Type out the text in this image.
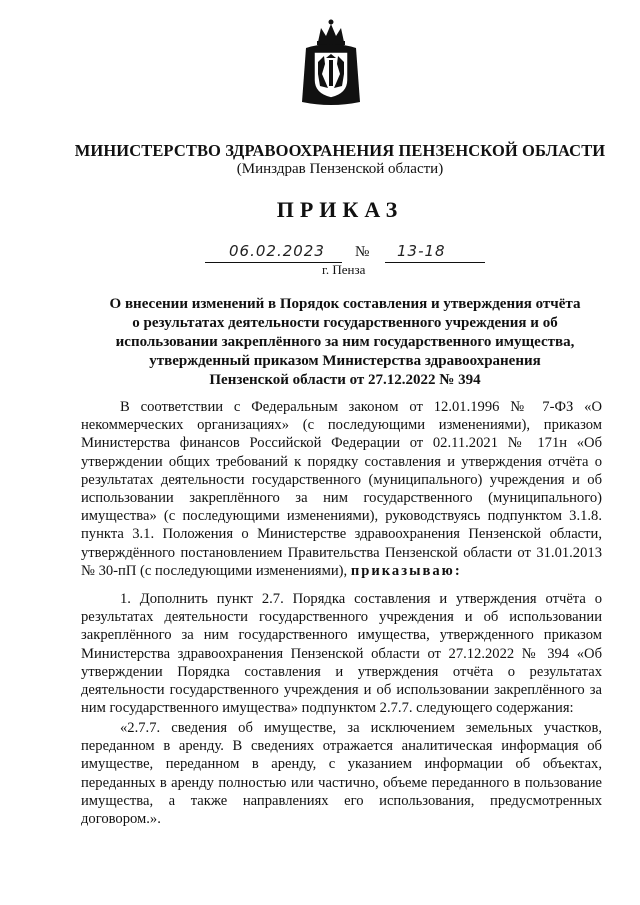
МИНИСТЕРСТВО ЗДРАВООХРАНЕНИЯ ПЕНЗЕНСКОЙ ОБЛАСТИ
(Минздрав Пензенской области)
ПРИКАЗ
06.02.2023 № 13-18
г. Пенза
О внесении изменений в Порядок составления и утверждения отчёта
о результатах деятельности государственного учреждения и об
использовании закреплённого за ним государственного имущества,
утвержденный приказом Министерства здравоохранения
Пензенской области от 27.12.2022 № 394

В соответствии с Федеральным законом от 12.01.1996 № 7-ФЗ «О некоммерческих организациях» (с последующими изменениями), приказом Министерства финансов Российской Федерации от 02.11.2021 № 171н «Об утверждении общих требований к порядку составления и утверждения отчёта о результатах деятельности государственного (муниципального) учреждения и об использовании закреплённого за ним государственного (муниципального) имущества» (с последующими изменениями), руководствуясь подпунктом 3.1.8. пункта 3.1. Положения о Министерстве здравоохранения Пензенской области, утверждённого постановлением Правительства Пензенской области от 31.01.2013 № 30-пП (с последующими изменениями), приказываю:

1. Дополнить пункт 2.7. Порядка составления и утверждения отчёта о результатах деятельности государственного учреждения и об использовании закреплённого за ним государственного имущества, утвержденного приказом Министерства здравоохранения Пензенской области от 27.12.2022 № 394 «Об утверждении Порядка составления и утверждения отчёта о результатах деятельности государственного учреждения и об использовании закреплённого за ним государственного имущества» подпунктом 2.7.7. следующего содержания:

«2.7.7. сведения об имуществе, за исключением земельных участков, переданном в аренду. В сведениях отражается аналитическая информация об имуществе, переданном в аренду, с указанием информации об объектах, переданных в аренду полностью или частично, объеме переданного в пользование имущества, а также направлениях его использования, предусмотренных договором.».
